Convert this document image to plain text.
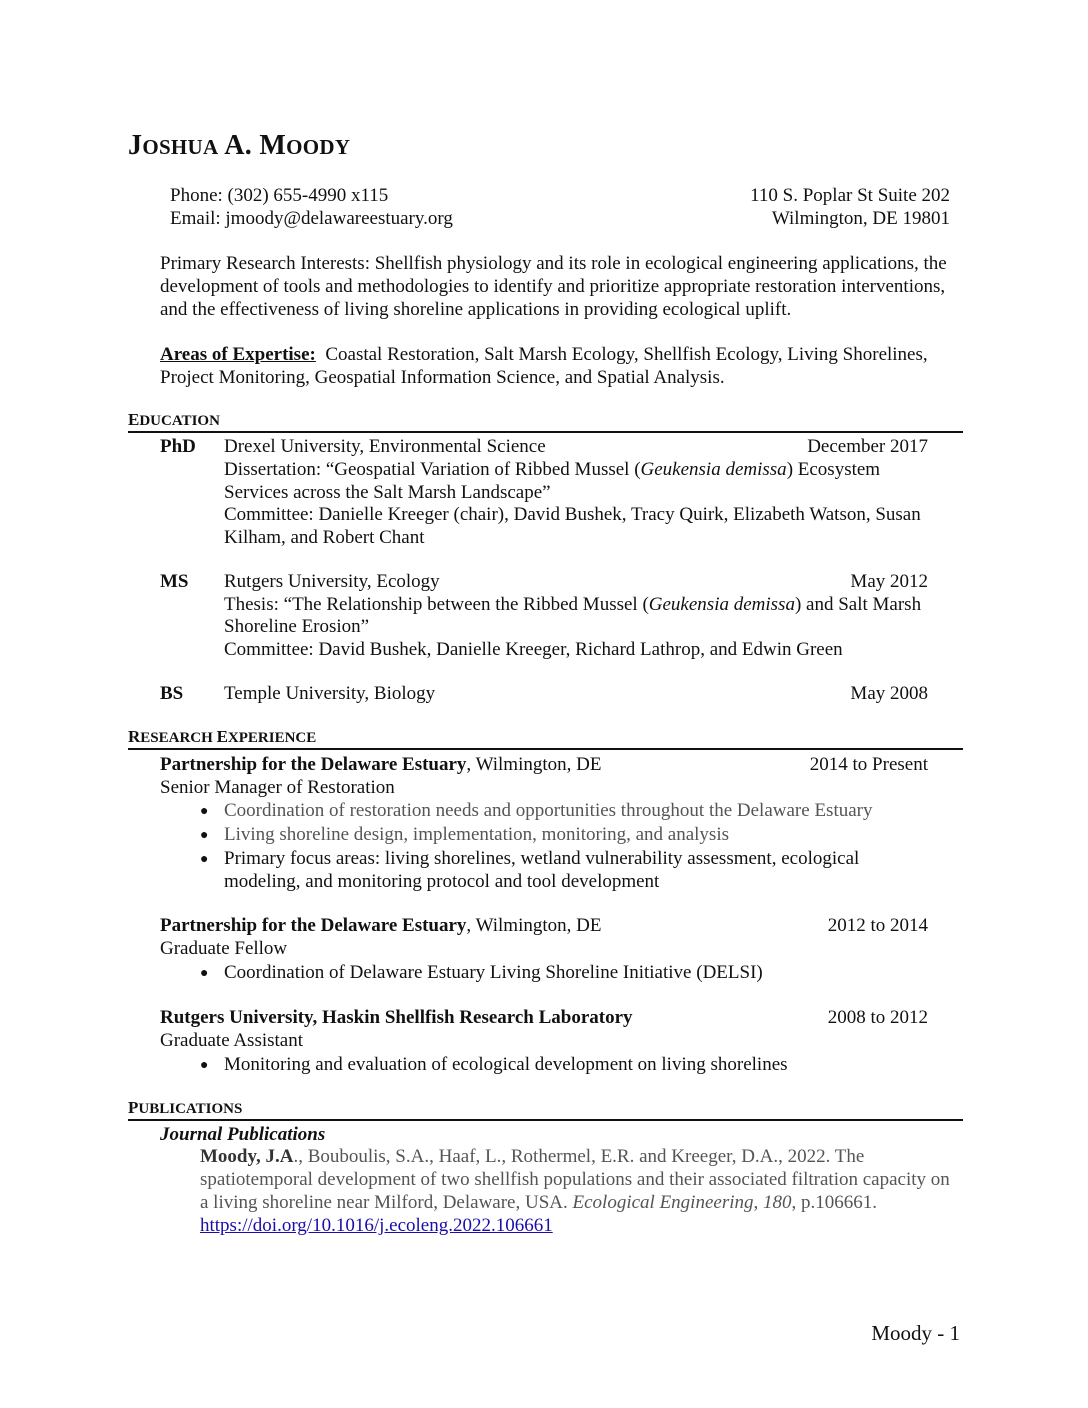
JOSHUA A. MOODY
Phone: (302) 655-4990 x115
Email: jmoody@delawareestuary.org
110 S. Poplar St Suite 202
Wilmington, DE 19801
Primary Research Interests: Shellfish physiology and its role in ecological engineering applications, the development of tools and methodologies to identify and prioritize appropriate restoration interventions, and the effectiveness of living shoreline applications in providing ecological uplift.
Areas of Expertise: Coastal Restoration, Salt Marsh Ecology, Shellfish Ecology, Living Shorelines, Project Monitoring, Geospatial Information Science, and Spatial Analysis.
EDUCATION
PhD Drexel University, Environmental Science	December 2017
Dissertation: “Geospatial Variation of Ribbed Mussel (Geukensia demissa) Ecosystem
Services across the Salt Marsh Landscape”
Committee: Danielle Kreeger (chair), David Bushek, Tracy Quirk, Elizabeth Watson, Susan
Kilham, and Robert Chant
MS Rutgers University, Ecology	May 2012
Thesis: “The Relationship between the Ribbed Mussel (Geukensia demissa) and Salt Marsh
Shoreline Erosion”
Committee: David Bushek, Danielle Kreeger, Richard Lathrop, and Edwin Green
BS Temple University, Biology	May 2008
RESEARCH EXPERIENCE
Partnership for the Delaware Estuary, Wilmington, DE	2014 to Present
Senior Manager of Restoration
● Coordination of restoration needs and opportunities throughout the Delaware Estuary
● Living shoreline design, implementation, monitoring, and analysis
● Primary focus areas: living shorelines, wetland vulnerability assessment, ecological modeling, and monitoring protocol and tool development
Partnership for the Delaware Estuary, Wilmington, DE	2012 to 2014
Graduate Fellow
● Coordination of Delaware Estuary Living Shoreline Initiative (DELSI)
Rutgers University, Haskin Shellfish Research Laboratory	2008 to 2012
Graduate Assistant
● Monitoring and evaluation of ecological development on living shorelines
PUBLICATIONS
Journal Publications
Moody, J.A., Bouboulis, S.A., Haaf, L., Rothermel, E.R. and Kreeger, D.A., 2022. The spatiotemporal development of two shellfish populations and their associated filtration capacity on a living shoreline near Milford, Delaware, USA. Ecological Engineering, 180, p.106661.
https://doi.org/10.1016/j.ecoleng.2022.106661
Moody - 1
